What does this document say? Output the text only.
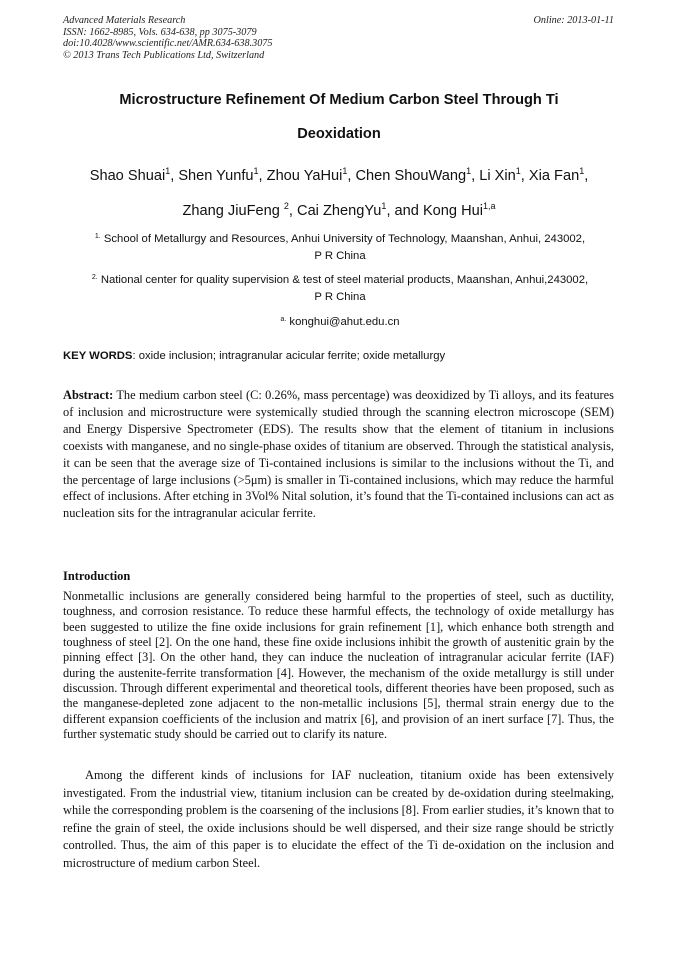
Advanced Materials Research
ISSN: 1662-8985, Vols. 634-638, pp 3075-3079
doi:10.4028/www.scientific.net/AMR.634-638.3075
© 2013 Trans Tech Publications Ltd, Switzerland
Online: 2013-01-11
Microstructure Refinement Of Medium Carbon Steel Through Ti
Deoxidation
Shao Shuai$^1$, Shen Yunfu$^1$, Zhou YaHui$^1$, Chen ShouWang$^1$, Li Xin$^1$, Xia Fan$^1$,
Zhang JiuFeng $^2$, Cai ZhengYu$^1$, and Kong Hui$^{1,a}$
$^{1.}$ School of Metallurgy and Resources, Anhui University of Technology, Maanshan, Anhui, 243002,
P R China
$^{2.}$ National center for quality supervision & test of steel material products, Maanshan, Anhui,243002,
P R China
$^{a.}$ konghui@ahut.edu.cn
KEY WORDS: oxide inclusion; intragranular acicular ferrite; oxide metallurgy

Abstract: The medium carbon steel (C: 0.26%, mass percentage) was deoxidized by Ti alloys, and its features of inclusion and microstructure were systemically studied through the scanning electron microscope (SEM) and Energy Dispersive Spectrometer (EDS). The results show that the element of titanium in inclusions coexists with manganese, and no single-phase oxides of titanium are observed. Through the statistical analysis, it can be seen that the average size of Ti-contained inclusions is similar to the inclusions without the Ti, and the percentage of large inclusions (>5μm) is smaller in Ti-contained inclusions, which may reduce the harmful effect of inclusions. After etching in 3Vol% Nital solution, it’s found that the Ti-contained inclusions can act as nucleation sits for the intragranular acicular ferrite.

Introduction

Nonmetallic inclusions are generally considered being harmful to the properties of steel, such as ductility, toughness, and corrosion resistance. To reduce these harmful effects, the technology of oxide metallurgy has been suggested to utilize the fine oxide inclusions for grain refinement [1], which enhance both strength and toughness of steel [2]. On the one hand, these fine oxide inclusions inhibit the growth of austenitic grain by the pinning effect [3]. On the other hand, they can induce the nucleation of intragranular acicular ferrite (IAF) during the austenite-ferrite transformation [4]. However, the mechanism of the oxide metallurgy is still under discussion. Through different experimental and theoretical tools, different theories have been proposed, such as the manganese-depleted zone adjacent to the non-metallic inclusions [5], thermal strain energy due to the different expansion coefficients of the inclusion and matrix [6], and provision of an inert surface [7]. Thus, the further systematic study should be carried out to clarify its nature.

Among the different kinds of inclusions for IAF nucleation, titanium oxide has been extensively investigated. From the industrial view, titanium inclusion can be created by de-oxidation during steelmaking, while the corresponding problem is the coarsening of the inclusions [8]. From earlier studies, it’s known that to refine the grain of steel, the oxide inclusions should be well dispersed, and their size range should be strictly controlled. Thus, the aim of this paper is to elucidate the effect of the Ti de-oxidation on the inclusion and microstructure of medium carbon Steel.
